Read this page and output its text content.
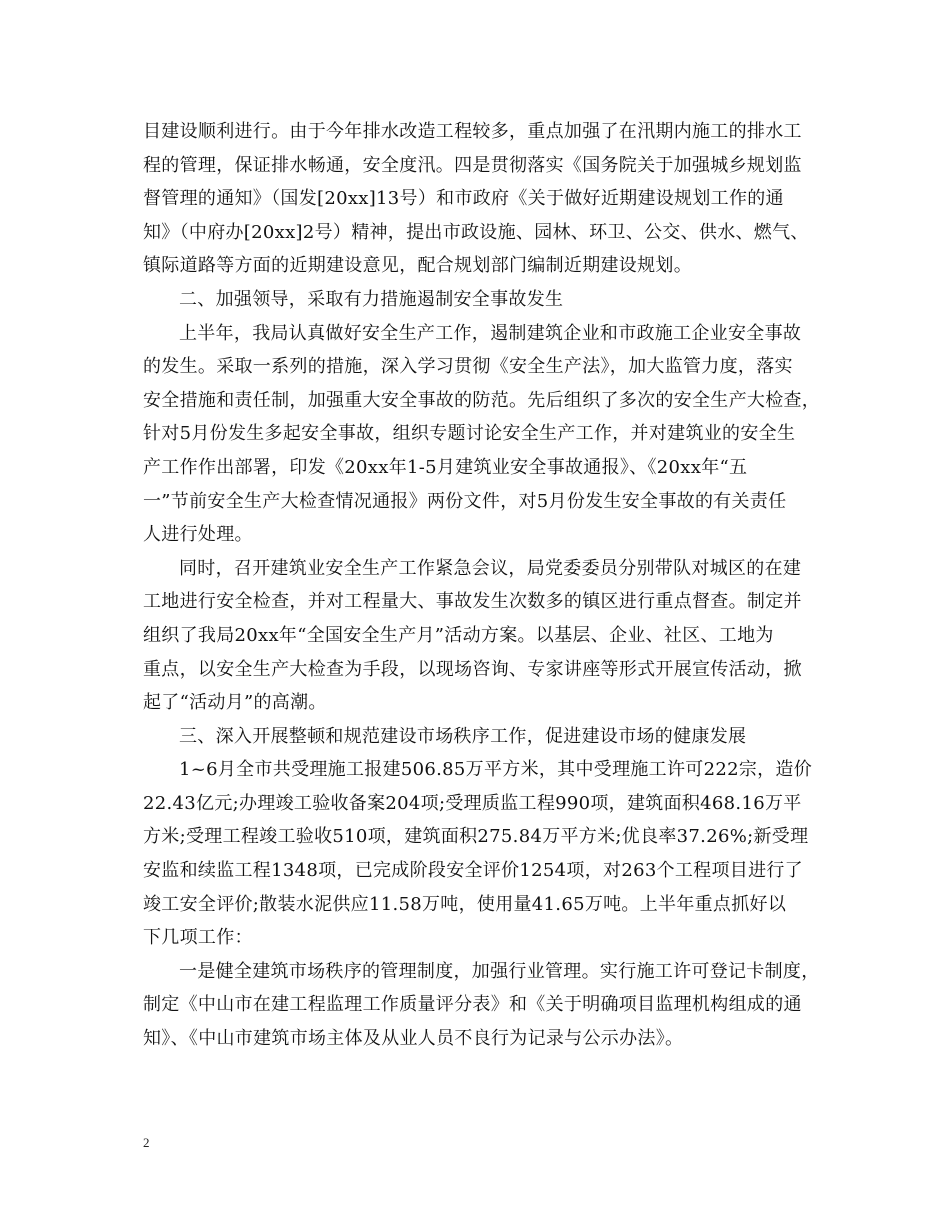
目建设顺利进行。由于今年排水改造工程较多，重点加强了在汛期内施工的排水工
程的管理，保证排水畅通，安全度汛。四是贯彻落实《国务院关于加强城乡规划监
督管理的通知》（国发[20xx]13号）和市政府《关于做好近期建设规划工作的通
知》（中府办[20xx]2号）精神，提出市政设施、园林、环卫、公交、供水、燃气、
镇际道路等方面的近期建设意见，配合规划部门编制近期建设规划。
二、加强领导，采取有力措施遏制安全事故发生
上半年，我局认真做好安全生产工作，遏制建筑企业和市政施工企业安全事故
的发生。采取一系列的措施，深入学习贯彻《安全生产法》，加大监管力度，落实
安全措施和责任制，加强重大安全事故的防范。先后组织了多次的安全生产大检查，
针对5月份发生多起安全事故，组织专题讨论安全生产工作，并对建筑业的安全生
产工作作出部署，印发《20xx年1-5月建筑业安全事故通报》、《20xx年“五
一”节前安全生产大检查情况通报》两份文件，对5月份发生安全事故的有关责任
人进行处理。
同时，召开建筑业安全生产工作紧急会议，局党委委员分别带队对城区的在建
工地进行安全检查，并对工程量大、事故发生次数多的镇区进行重点督查。制定并
组织了我局20xx年“全国安全生产月”活动方案。以基层、企业、社区、工地为
重点，以安全生产大检查为手段，以现场咨询、专家讲座等形式开展宣传活动，掀
起了“活动月”的高潮。
三、深入开展整顿和规范建设市场秩序工作，促进建设市场的健康发展
1~6月全市共受理施工报建506.85万平方米，其中受理施工许可222宗，造价
22.43亿元;办理竣工验收备案204项;受理质监工程990项，建筑面积468.16万平
方米;受理工程竣工验收510项，建筑面积275.84万平方米;优良率37.26%;新受理
安监和续监工程1348项，已完成阶段安全评价1254项，对263个工程项目进行了
竣工安全评价;散装水泥供应11.58万吨，使用量41.65万吨。上半年重点抓好以
下几项工作：
一是健全建筑市场秩序的管理制度，加强行业管理。实行施工许可登记卡制度，
制定《中山市在建工程监理工作质量评分表》和《关于明确项目监理机构组成的通
知》、《中山市建筑市场主体及从业人员不良行为记录与公示办法》。
2
